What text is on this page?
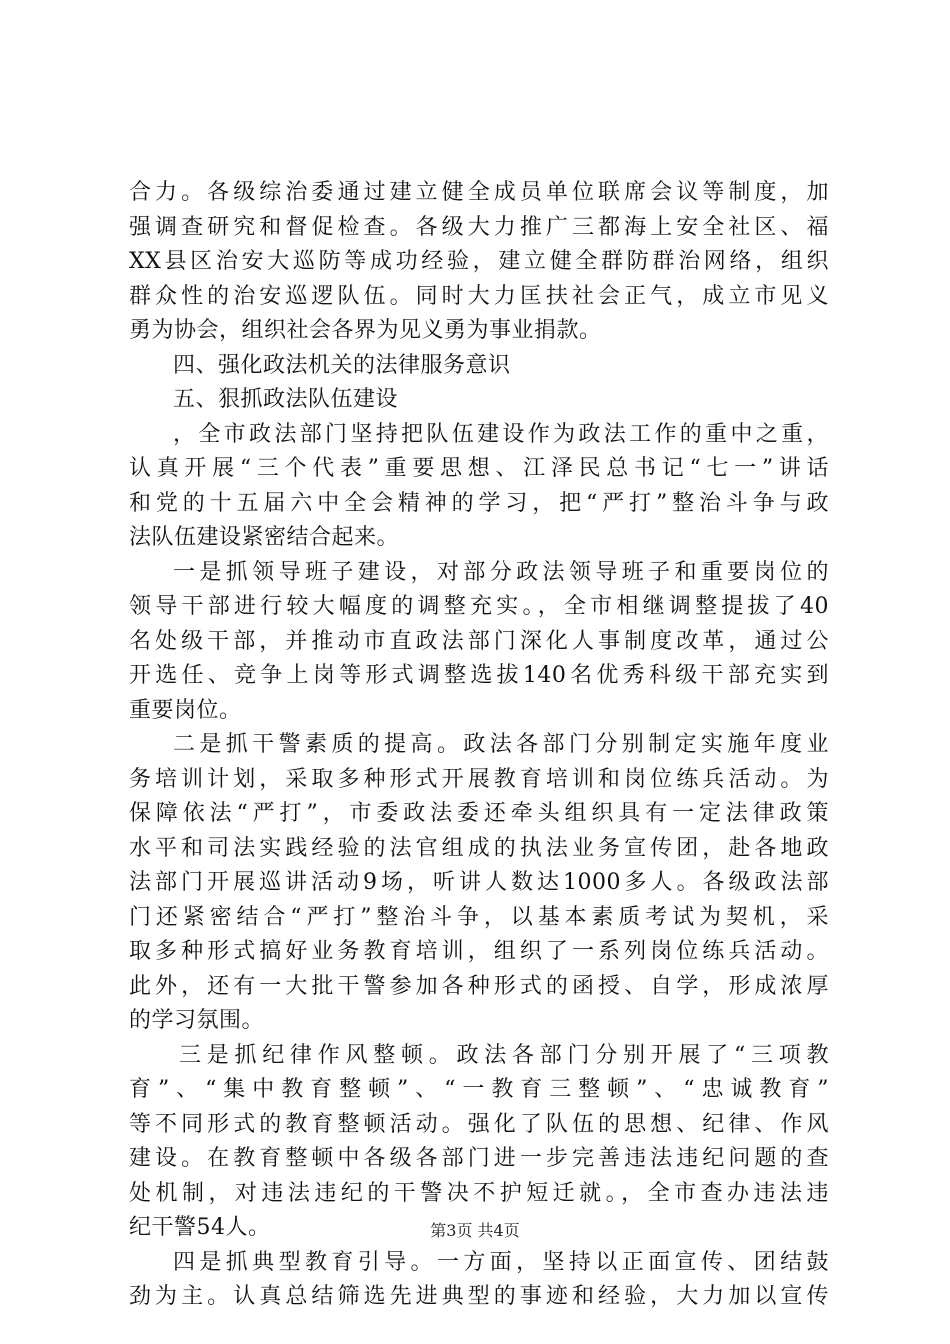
合力。各级综治委通过建立健全成员单位联席会议等制度，加
强调查研究和督促检查。各级大力推广三都海上安全社区、福
XX县区治安大巡防等成功经验，建立健全群防群治网络，组织
群众性的治安巡逻队伍。同时大力匡扶社会正气，成立市见义
勇为协会，组织社会各界为见义勇为事业捐款。
四、强化政法机关的法律服务意识
五、狠抓政法队伍建设
，全市政法部门坚持把队伍建设作为政法工作的重中之重，
认真开展“三个代表”重要思想、江泽民总书记“七一”讲话
和党的十五届六中全会精神的学习，把“严打”整治斗争与政
法队伍建设紧密结合起来。
一是抓领导班子建设，对部分政法领导班子和重要岗位的
领导干部进行较大幅度的调整充实。，全市相继调整提拔了40
名处级干部，并推动市直政法部门深化人事制度改革，通过公
开选任、竞争上岗等形式调整选拔140名优秀科级干部充实到
重要岗位。
二是抓干警素质的提高。政法各部门分别制定实施年度业
务培训计划，采取多种形式开展教育培训和岗位练兵活动。为
保障依法“严打”，市委政法委还牵头组织具有一定法律政策
水平和司法实践经验的法官组成的执法业务宣传团，赴各地政
法部门开展巡讲活动9场，听讲人数达1000多人。各级政法部
门还紧密结合“严打”整治斗争，以基本素质考试为契机，采
取多种形式搞好业务教育培训，组织了一系列岗位练兵活动。
此外，还有一大批干警参加各种形式的函授、自学，形成浓厚
的学习氛围。
三是抓纪律作风整顿。政法各部门分别开展了“三项教
育”、“集中教育整顿”、“一教育三整顿”、“忠诚教育”
等不同形式的教育整顿活动。强化了队伍的思想、纪律、作风
建设。在教育整顿中各级各部门进一步完善违法违纪问题的查
处机制，对违法违纪的干警决不护短迁就。，全市查办违法违
纪干警54人。
四是抓典型教育引导。一方面，坚持以正面宣传、团结鼓
劲为主。认真总结筛选先进典型的事迹和经验，大力加以宣传
第3页 共4页
